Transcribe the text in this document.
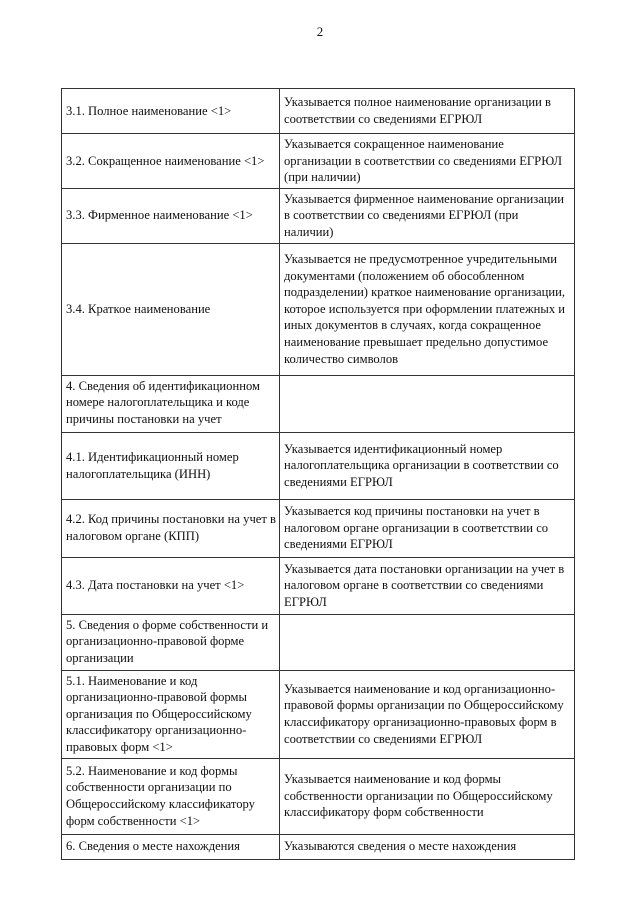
2
3.1. Полное наименование <1>	Указывается полное наименование организации в соответствии со сведениями ЕГРЮЛ
3.2. Сокращенное наименование <1>	Указывается сокращенное наименование организации в соответствии со сведениями ЕГРЮЛ (при наличии)
3.3. Фирменное наименование <1>	Указывается фирменное наименование организации в соответствии со сведениями ЕГРЮЛ (при наличии)
3.4. Краткое наименование	Указывается не предусмотренное учредительными документами (положением об обособленном подразделении) краткое наименование организации, которое используется при оформлении платежных и иных документов в случаях, когда сокращенное наименование превышает предельно допустимое количество символов
4. Сведения об идентификационном номере налогоплательщика и коде причины постановки на учет	
4.1. Идентификационный номер налогоплательщика (ИНН)	Указывается идентификационный номер налогоплательщика организации в соответствии со сведениями ЕГРЮЛ
4.2. Код причины постановки на учет в налоговом органе (КПП)	Указывается код причины постановки на учет в налоговом органе организации в соответствии со сведениями ЕГРЮЛ
4.3. Дата постановки на учет <1>	Указывается дата постановки организации на учет в налоговом органе в соответствии со сведениями ЕГРЮЛ
5. Сведения о форме собственности и организационно-правовой форме организации	
5.1. Наименование и код организационно-правовой формы организация по Общероссийскому классификатору организационно-правовых форм <1>	Указывается наименование и код организационно-правовой формы организации по Общероссийскому классификатору организационно-правовых форм в соответствии со сведениями ЕГРЮЛ
5.2. Наименование и код формы собственности организации по Общероссийскому классификатору форм собственности <1>	Указывается наименование и код формы собственности организации по Общероссийскому классификатору форм собственности
6. Сведения о месте нахождения	Указываются сведения о месте нахождения
